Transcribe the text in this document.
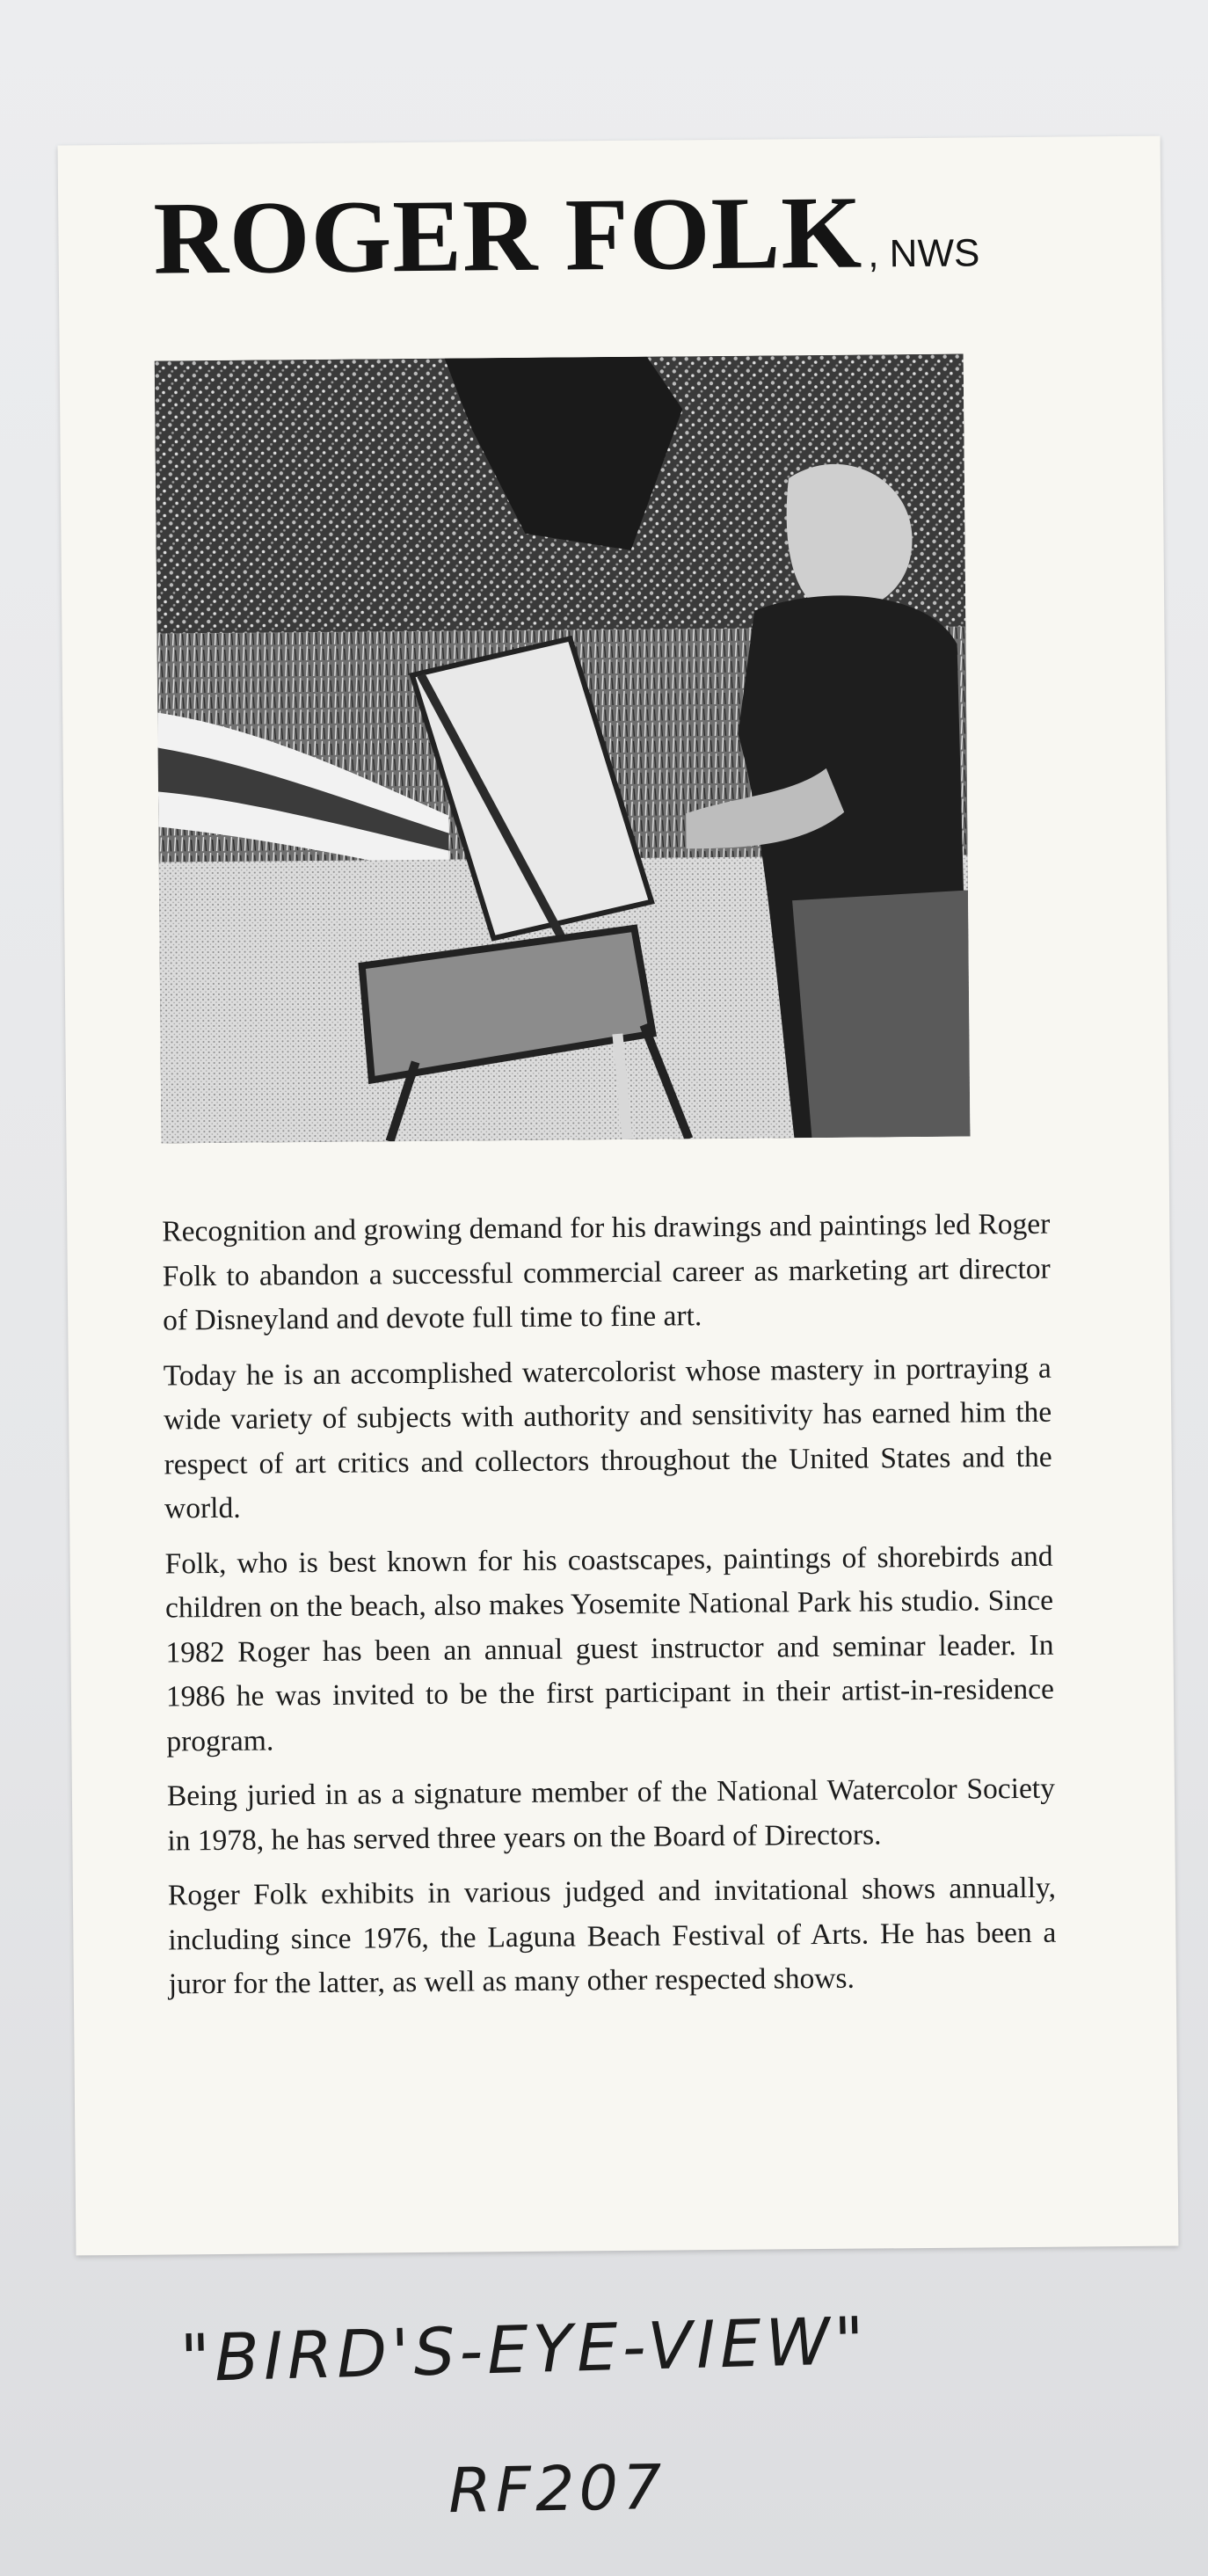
ROGER FOLK , NWS

Recognition and growing demand for his drawings and paintings led Roger Folk to abandon a successful commercial career as marketing art director of Disneyland and devote full time to fine art.

Today he is an accomplished watercolorist whose mastery in portraying a wide variety of subjects with authority and sensitivity has earned him the respect of art critics and collectors throughout the United States and the world.

Folk, who is best known for his coastscapes, paintings of shorebirds and children on the beach, also makes Yosemite National Park his studio. Since 1982 Roger has been an annual guest instructor and seminar leader. In 1986 he was invited to be the first participant in their artist-in-residence program.

Being juried in as a signature member of the National Watercolor Society in 1978, he has served three years on the Board of Directors.

Roger Folk exhibits in various judged and invitational shows annually, including since 1976, the Laguna Beach Festival of Arts. He has been a juror for the latter, as well as many other respected shows.

"BIRD'S-EYE-VIEW"
RF207
